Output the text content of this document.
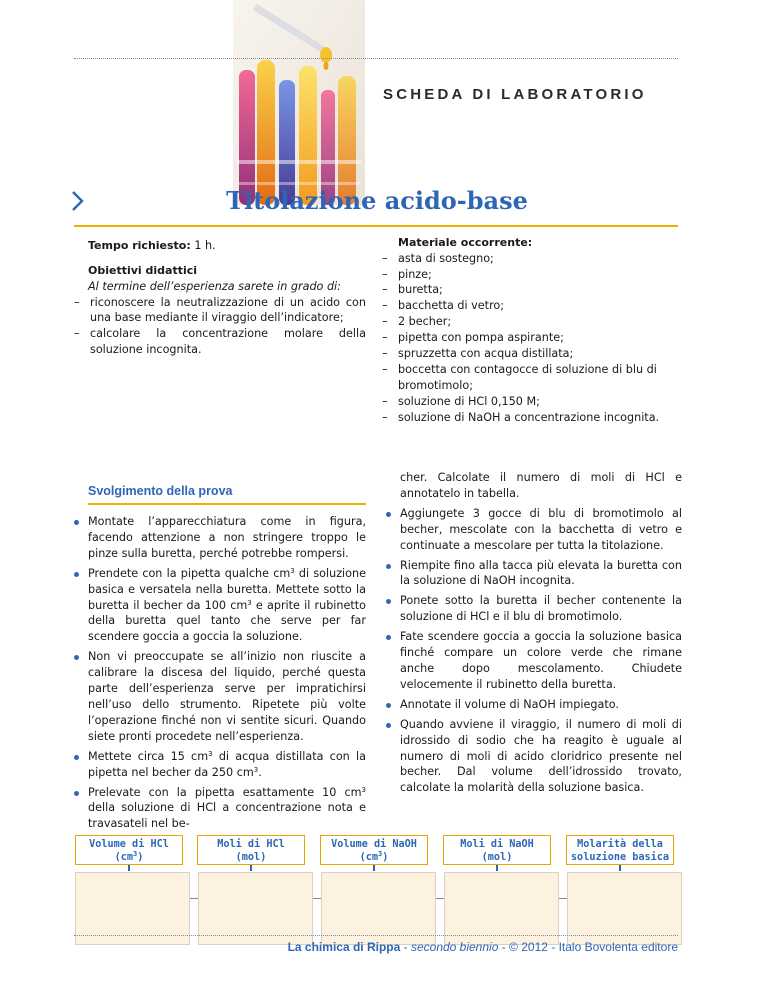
SCHEDA DI LABORATORIO
Titolazione acido-base
Tempo richiesto: 1 h.
Obiettivi didattici
Al termine dell’esperienza sarete in grado di:
– riconoscere la neutralizzazione di un acido con una base mediante il viraggio dell’indicatore;
– calcolare la concentrazione molare della soluzione incognita.
Materiale occorrente:
– asta di sostegno;
– pinze;
– buretta;
– bacchetta di vetro;
– 2 becher;
– pipetta con pompa aspirante;
– spruzzetta con acqua distillata;
– boccetta con contagocce di soluzione di blu di bromotimolo;
– soluzione di HCl 0,150 M;
– soluzione di NaOH a concentrazione incognita.
Svolgimento della prova
Montate l’apparecchiatura come in figura, facendo attenzione a non stringere troppo le pinze sulla buretta, perché potrebbe rompersi.
Prendete con la pipetta qualche $cm^3$ di soluzione basica e versatela nella buretta. Mettete sotto la buretta il becher da 100 $cm^3$ e aprite il rubinetto della buretta quel tanto che serve per far scendere goccia a goccia la soluzione.
Non vi preoccupate se all’inizio non riuscite a calibrare la discesa del liquido, perché questa parte dell’esperienza serve per impratichirsi nell’uso dello strumento. Ripetete più volte l’operazione finché non vi sentite sicuri. Quando siete pronti procedete nell’esperienza.
Mettete circa 15 $cm^3$ di acqua distillata con la pipetta nel becher da 250 $cm^3$.
Prelevate con la pipetta esattamente 10 $cm^3$ della soluzione di HCl a concentrazione nota e travasateli nel be-
cher. Calcolate il numero di moli di HCl e annotatelo in tabella.
Aggiungete 3 gocce di blu di bromotimolo al becher, mescolate con la bacchetta di vetro e continuate a mescolare per tutta la titolazione.
Riempite fino alla tacca più elevata la buretta con la soluzione di NaOH incognita.
Ponete sotto la buretta il becher contenente la soluzione di HCl e il blu di bromotimolo.
Fate scendere goccia a goccia la soluzione basica finché compare un colore verde che rimane anche dopo mescolamento. Chiudete velocemente il rubinetto della buretta.
Annotate il volume di NaOH impiegato.
Quando avviene il viraggio, il numero di moli di idrossido di sodio che ha reagito è uguale al numero di moli di acido cloridrico presente nel becher. Dal volume dell’idrossido trovato, calcolate la molarità della soluzione basica.
Volume di HCl
$(cm^3)$
Moli di HCl
(mol)
Volume di NaOH
$(cm^3)$
Moli di NaOH
(mol)
Molarità della
soluzione basica
La chimica di Rippa - secondo biennio - © 2012 - Italo Bovolenta editore
